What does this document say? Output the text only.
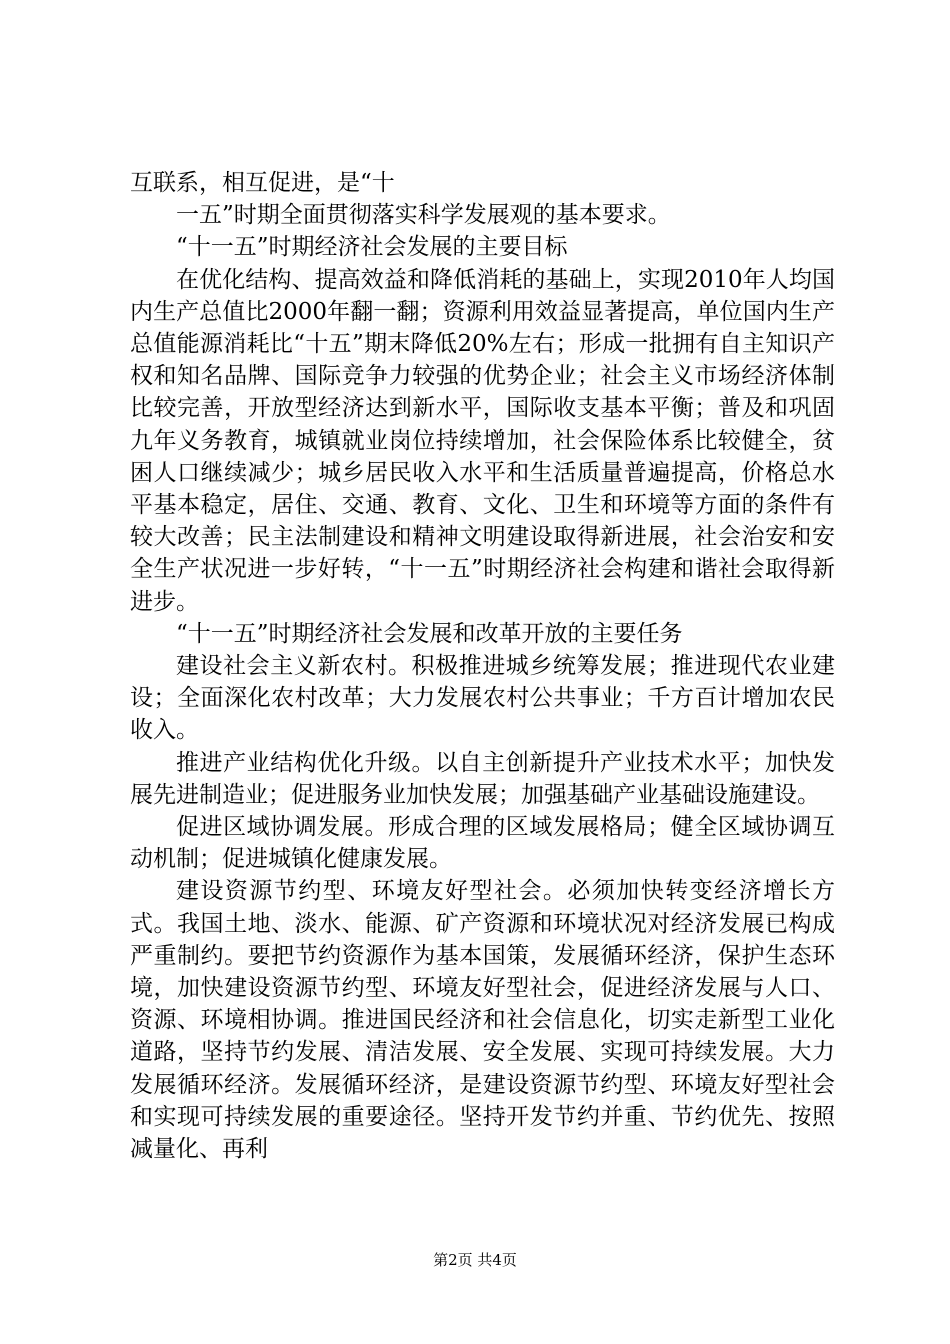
互联系，相互促进，是“十

一五”时期全面贯彻落实科学发展观的基本要求。

“十一五”时期经济社会发展的主要目标

在优化结构、提高效益和降低消耗的基础上，实现2010年人均国内生产总值比2000年翻一翻；资源利用效益显著提高，单位国内生产总值能源消耗比“十五”期末降低20%左右；形成一批拥有自主知识产权和知名品牌、国际竞争力较强的优势企业；社会主义市场经济体制比较完善，开放型经济达到新水平，国际收支基本平衡；普及和巩固九年义务教育，城镇就业岗位持续增加，社会保险体系比较健全，贫困人口继续减少；城乡居民收入水平和生活质量普遍提高，价格总水平基本稳定，居住、交通、教育、文化、卫生和环境等方面的条件有较大改善；民主法制建设和精神文明建设取得新进展，社会治安和安全生产状况进一步好转，“十一五”时期经济社会构建和谐社会取得新进步。

“十一五”时期经济社会发展和改革开放的主要任务

建设社会主义新农村。积极推进城乡统筹发展；推进现代农业建设；全面深化农村改革；大力发展农村公共事业；千方百计增加农民收入。

推进产业结构优化升级。以自主创新提升产业技术水平；加快发展先进制造业；促进服务业加快发展；加强基础产业基础设施建设。

促进区域协调发展。形成合理的区域发展格局；健全区域协调互动机制；促进城镇化健康发展。

建设资源节约型、环境友好型社会。必须加快转变经济增长方式。我国土地、淡水、能源、矿产资源和环境状况对经济发展已构成严重制约。要把节约资源作为基本国策，发展循环经济，保护生态环境，加快建设资源节约型、环境友好型社会，促进经济发展与人口、资源、环境相协调。推进国民经济和社会信息化，切实走新型工业化道路，坚持节约发展、清洁发展、安全发展、实现可持续发展。大力发展循环经济。发展循环经济，是建设资源节约型、环境友好型社会和实现可持续发展的重要途径。坚持开发节约并重、节约优先、按照减量化、再利

第2页 共4页
